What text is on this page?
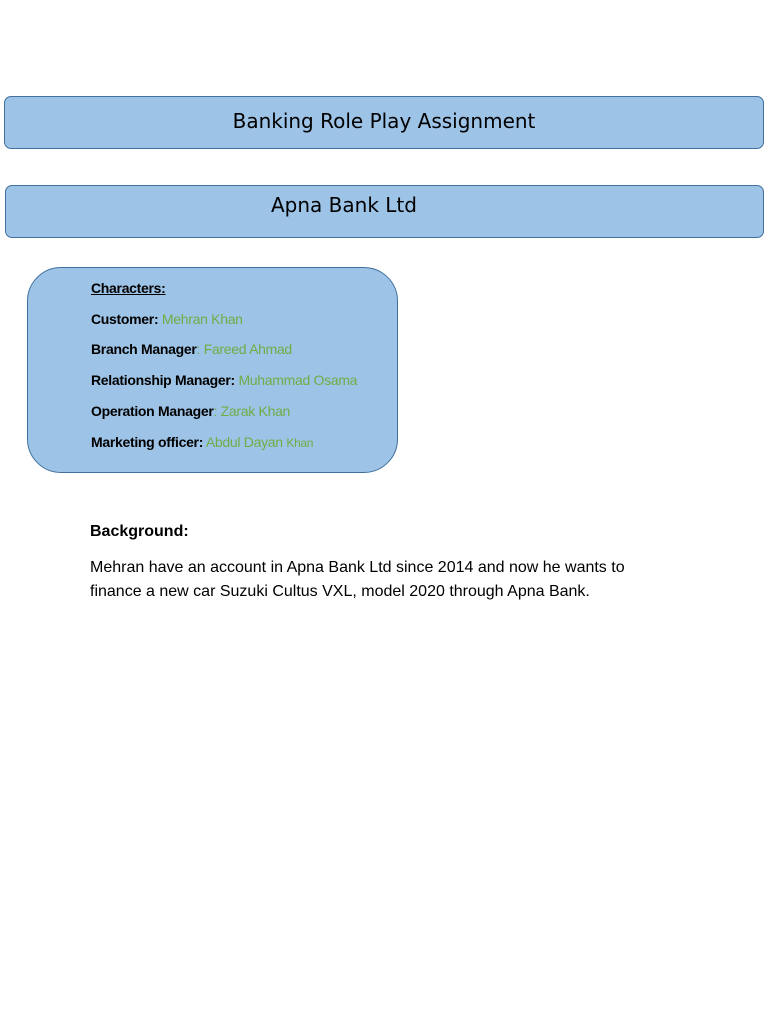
Banking Role Play Assignment
Apna Bank Ltd
Characters:
Customer: Mehran Khan
Branch Manager: Fareed Ahmad
Relationship Manager: Muhammad Osama
Operation Manager: Zarak Khan
Marketing officer: Abdul Dayan Khan
Background:
Mehran have an account in Apna Bank Ltd since 2014 and now he wants to finance a new car Suzuki Cultus VXL, model 2020 through Apna Bank.
